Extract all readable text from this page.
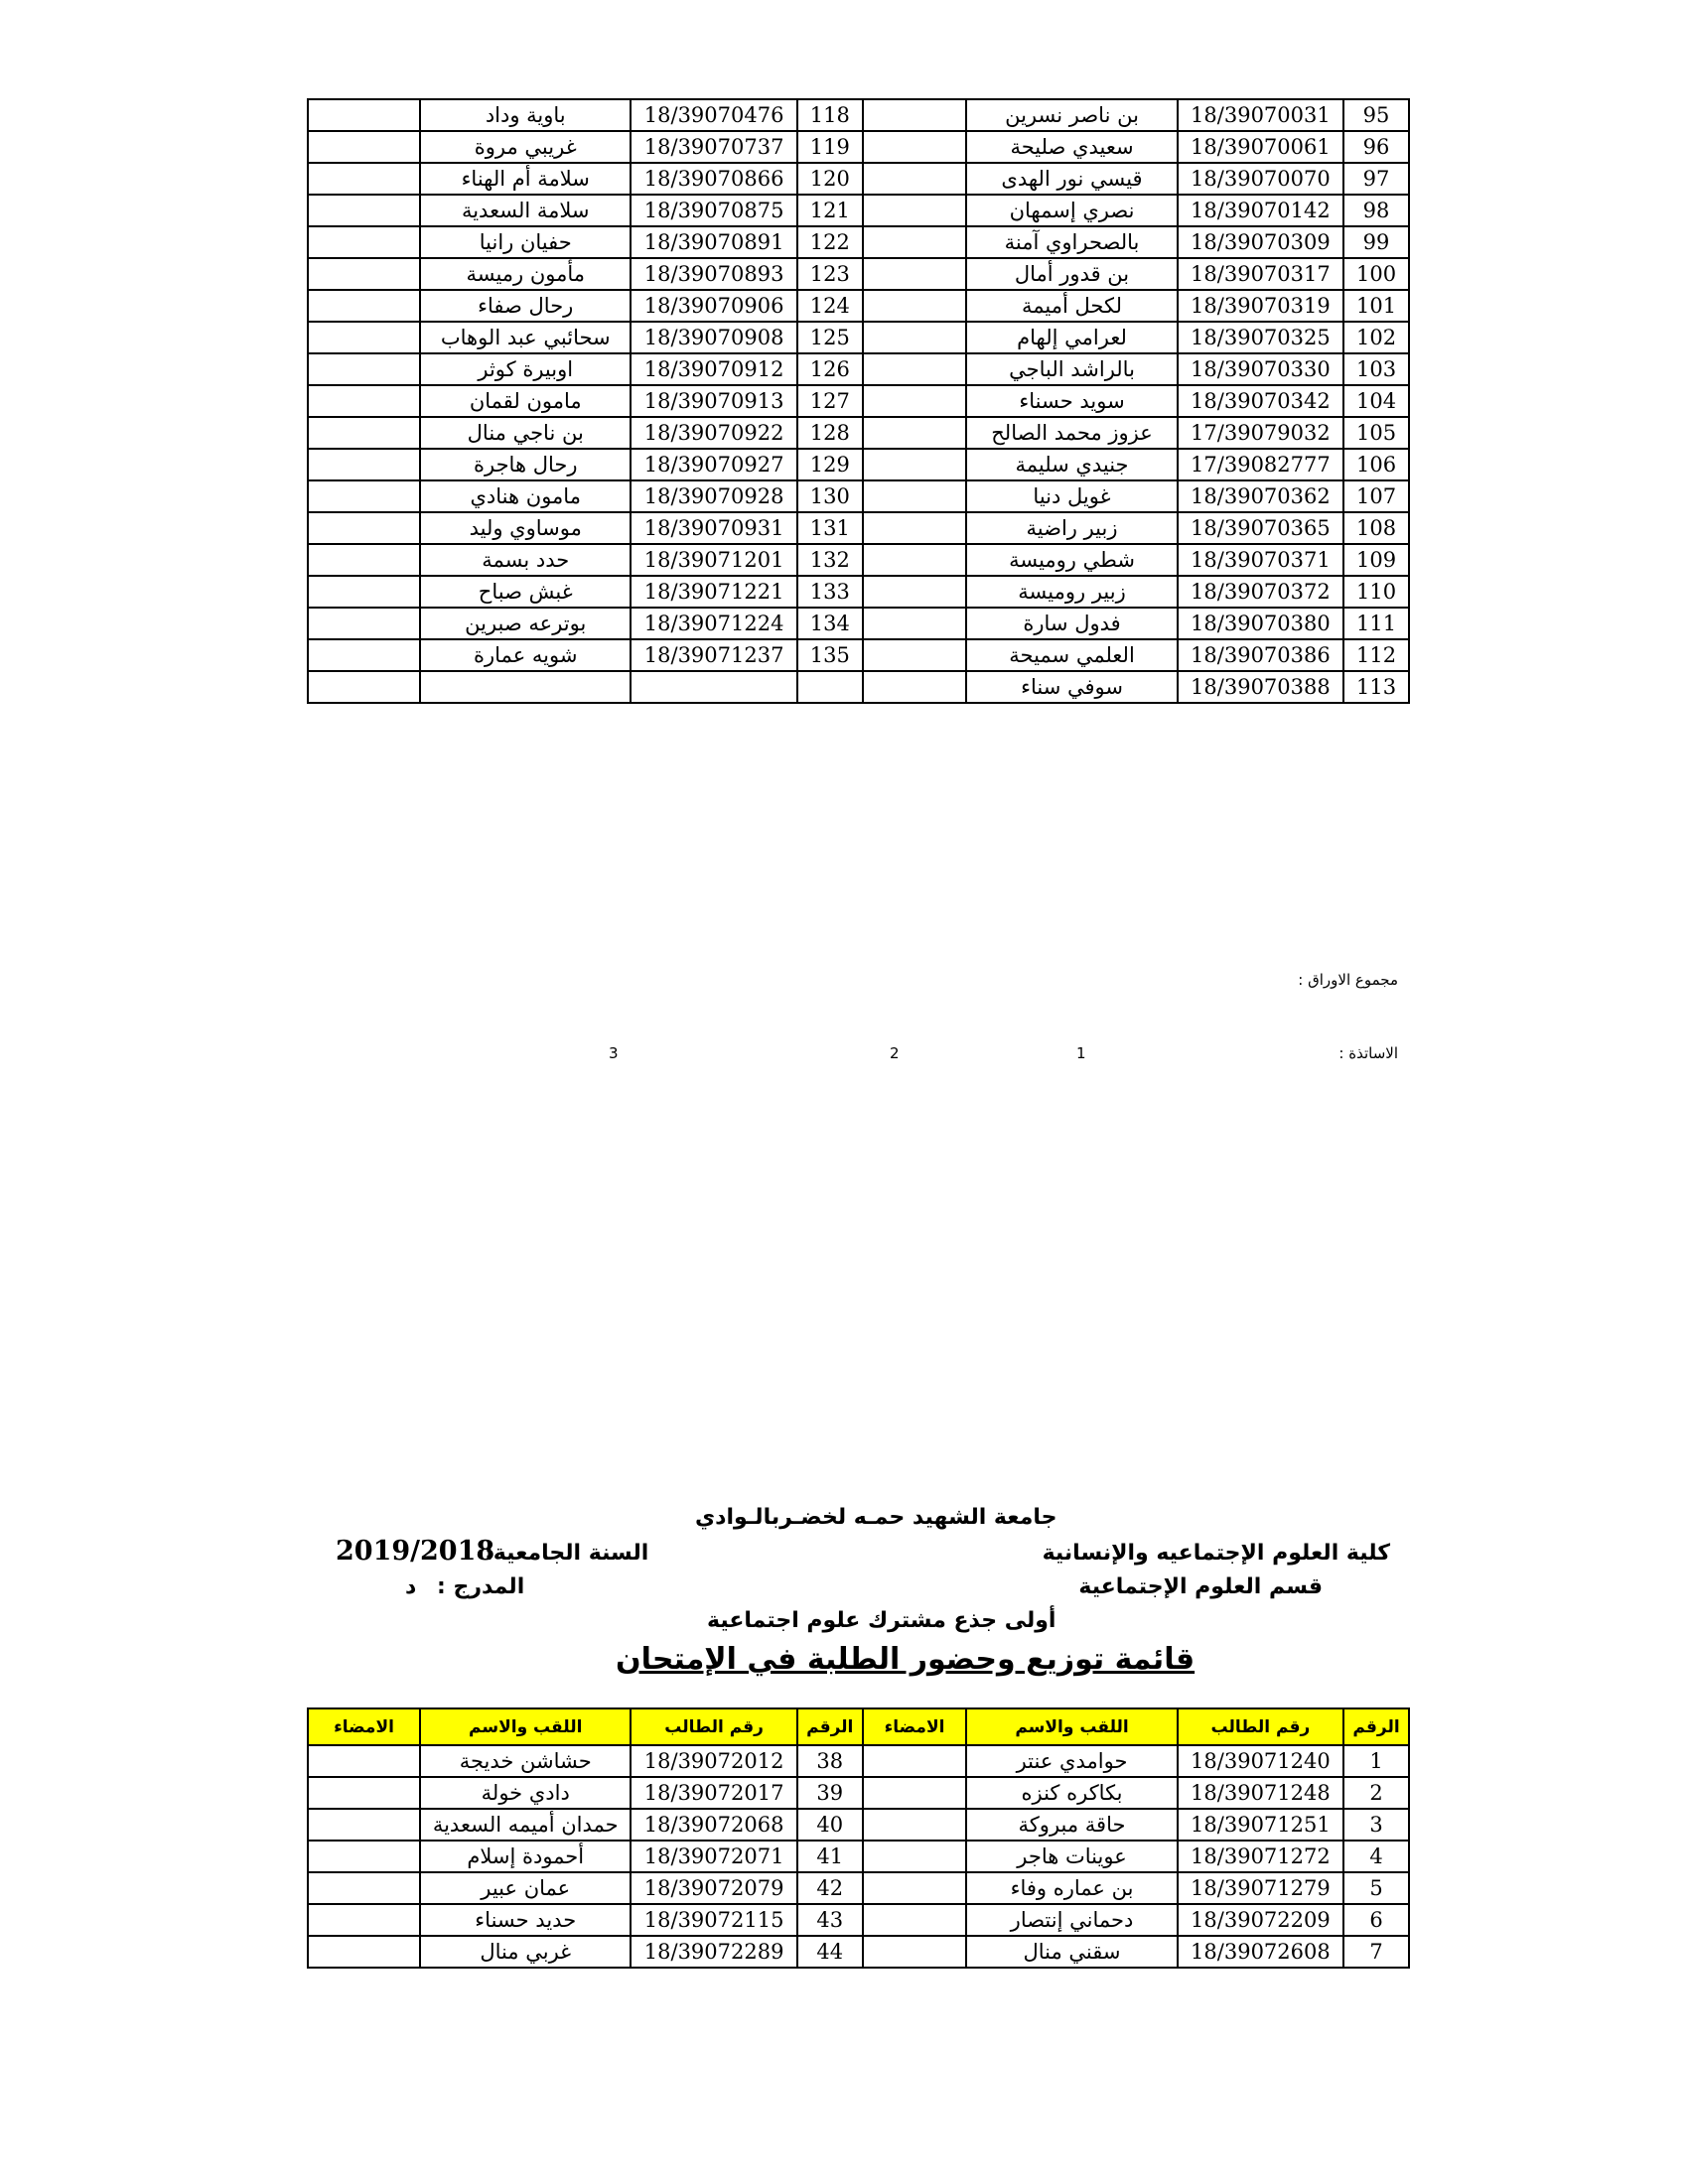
95	18/39070031	بن ناصر نسرين		118	18/39070476	باوية وداد	
96	18/39070061	سعيدي صليحة		119	18/39070737	غريبي مروة	
97	18/39070070	قيسي نور الهدى		120	18/39070866	سلامة أم الهناء	
98	18/39070142	نصري إسمهان		121	18/39070875	سلامة السعدية	
99	18/39070309	بالصحراوي آمنة		122	18/39070891	حفيان رانيا	
100	18/39070317	بن قدور أمال		123	18/39070893	مأمون رميسة	
101	18/39070319	لكحل أميمة		124	18/39070906	رحال صفاء	
102	18/39070325	لعرامي إلهام		125	18/39070908	سحائبي عبد الوهاب	
103	18/39070330	بالراشد الباجي		126	18/39070912	اوبيرة كوثر	
104	18/39070342	سويد حسناء		127	18/39070913	مامون لقمان	
105	17/39079032	عزوز محمد الصالح		128	18/39070922	بن ناجي منال	
106	17/39082777	جنيدي سليمة		129	18/39070927	رحال هاجرة	
107	18/39070362	غويل دنيا		130	18/39070928	مامون هنادي	
108	18/39070365	زبير راضية		131	18/39070931	موساوي وليد	
109	18/39070371	شطي روميسة		132	18/39071201	حدد بسمة	
110	18/39070372	زبير روميسة		133	18/39071221	غبش صباح	
111	18/39070380	فدول سارة		134	18/39071224	بوترعه صبرين	
112	18/39070386	العلمي سميحة		135	18/39071237	شويه عمارة	
113	18/39070388	سوفي سناء					
مجموع الاوراق :
الاساتذة :
1
2
3
جامعة الشهيد حمـه لخضـربالـوادي
كلية العلوم الإجتماعيه والإنسانية
قسم العلوم الإجتماعية
السنة الجامعية:
2019/2018
المدرج :
د
أولى جذع مشترك علوم اجتماعية
قائمة توزيع وحضور الطلبة في الإمتحان
الرقم	رقم الطالب	اللقب والاسم	الامضاء	الرقم	رقم الطالب	اللقب والاسم	الامضاء
1	18/39071240	حوامدي عنتر		38	18/39072012	حشاشن خديجة	
2	18/39071248	بكاكره كنزه		39	18/39072017	دادي خولة	
3	18/39071251	حاقة مبروكة		40	18/39072068	حمدان أميمه السعدية	
4	18/39071272	عوينات هاجر		41	18/39072071	أحمودة إسلام	
5	18/39071279	بن عماره وفاء		42	18/39072079	عمان عبير	
6	18/39072209	دحماني إنتصار		43	18/39072115	حديد حسناء	
7	18/39072608	سقني منال		44	18/39072289	غربي منال	
